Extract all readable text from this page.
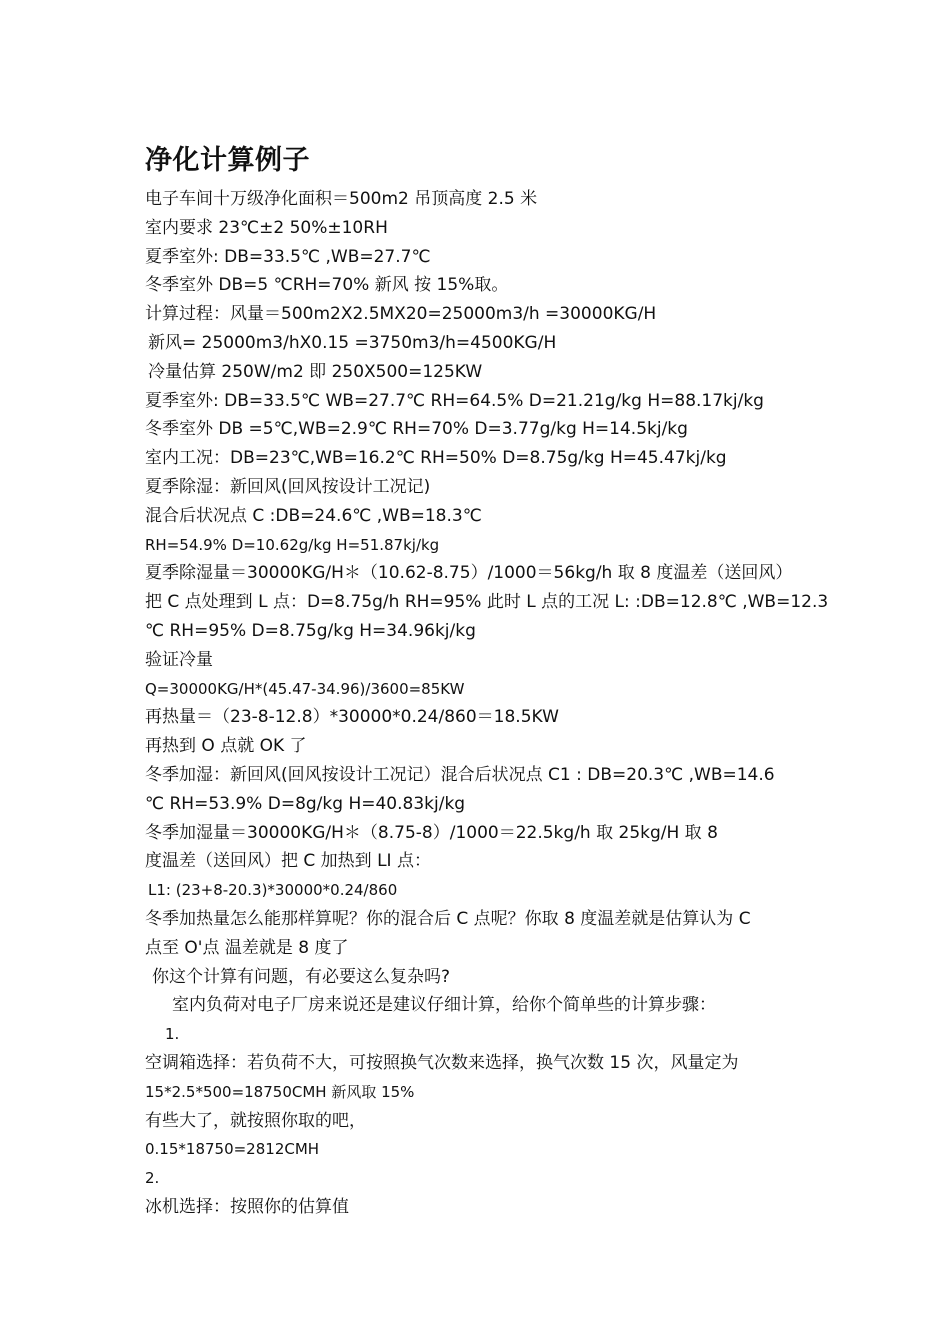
净化计算例子
电子车间十万级净化面积＝500m2 吊顶高度 2.5 米
室内要求 23℃±2 50%±10RH
夏季室外: DB=33.5℃ ,WB=27.7℃
冬季室外 DB=5 ℃RH=70% 新风 按 15%取。
计算过程：风量＝500m2X2.5MX20=25000m3/h =30000KG/H
新风= 25000m3/hX0.15 =3750m3/h=4500KG/H
冷量估算 250W/m2 即 250X500=125KW
夏季室外: DB=33.5℃ WB=27.7℃ RH=64.5% D=21.21g/kg H=88.17kj/kg
冬季室外 DB =5℃,WB=2.9℃ RH=70% D=3.77g/kg H=14.5kj/kg
室内工况：DB=23℃,WB=16.2℃ RH=50% D=8.75g/kg H=45.47kj/kg
夏季除湿：新回风(回风按设计工况记)
混合后状况点 C :DB=24.6℃ ,WB=18.3℃
RH=54.9% D=10.62g/kg H=51.87kj/kg
夏季除湿量＝30000KG/H＊（10.62-8.75）/1000＝56kg/h 取 8 度温差（送回风）
把 C 点处理到 L 点：D=8.75g/h RH=95% 此时 L 点的工况 L: :DB=12.8℃ ,WB=12.3
℃ RH=95% D=8.75g/kg H=34.96kj/kg
验证冷量
Q=30000KG/H*(45.47-34.96)/3600=85KW
再热量＝（23-8-12.8）*30000*0.24/860＝18.5KW
再热到 O 点就 OK 了
冬季加湿：新回风(回风按设计工况记）混合后状况点 C1 : DB=20.3℃ ,WB=14.6
℃ RH=53.9% D=8g/kg H=40.83kj/kg
冬季加湿量＝30000KG/H＊（8.75-8）/1000＝22.5kg/h 取 25kg/H 取 8
度温差（送回风）把 C 加热到 LI 点：
L1: (23+8-20.3)*30000*0.24/860
冬季加热量怎么能那样算呢？你的混合后 C 点呢？你取 8 度温差就是估算认为 C
点至 O'点 温差就是 8 度了
你这个计算有问题，有必要这么复杂吗?
室内负荷对电子厂房来说还是建议仔细计算，给你个简单些的计算步骤：
1.
空调箱选择：若负荷不大，可按照换气次数来选择，换气次数 15 次，风量定为
15*2.5*500=18750CMH 新风取 15%
有些大了，就按照你取的吧，
0.15*18750=2812CMH
2.
冰机选择：按照你的估算值
